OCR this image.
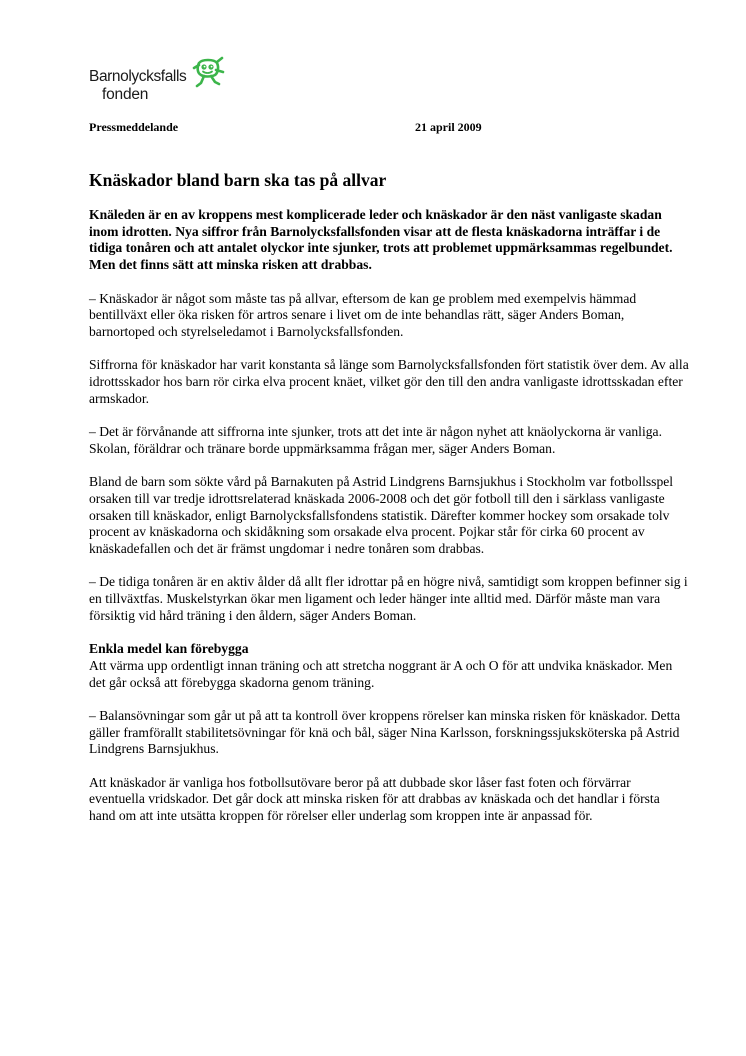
Barnolycksfalls
fonden
Pressmeddelande	21 april 2009
Knäskador bland barn ska tas på allvar

Knäleden är en av kroppens mest komplicerade leder och knäskador är den näst vanligaste skadan inom idrotten. Nya siffror från Barnolycksfallsfonden visar att de flesta knäskadorna inträffar i de tidiga tonåren och att antalet olyckor inte sjunker, trots att problemet uppmärksammas regelbundet. Men det finns sätt att minska risken att drabbas.

– Knäskador är något som måste tas på allvar, eftersom de kan ge problem med exempelvis hämmad bentillväxt eller öka risken för artros senare i livet om de inte behandlas rätt, säger Anders Boman, barnortoped och styrelseledamot i Barnolycksfallsfonden.

Siffrorna för knäskador har varit konstanta så länge som Barnolycksfallsfonden fört statistik över dem. Av alla idrottsskador hos barn rör cirka elva procent knäet, vilket gör den till den andra vanligaste idrottsskadan efter armskador.

– Det är förvånande att siffrorna inte sjunker, trots att det inte är någon nyhet att knäolyckorna är vanliga. Skolan, föräldrar och tränare borde uppmärksamma frågan mer, säger Anders Boman.

Bland de barn som sökte vård på Barnakuten på Astrid Lindgrens Barnsjukhus i Stockholm var fotbollsspel orsaken till var tredje idrottsrelaterad knäskada 2006-2008 och det gör fotboll till den i särklass vanligaste orsaken till knäskador, enligt Barnolycksfallsfondens statistik. Därefter kommer hockey som orsakade tolv procent av knäskadorna och skidåkning som orsakade elva procent. Pojkar står för cirka 60 procent av knäskadefallen och det är främst ungdomar i nedre tonåren som drabbas.

– De tidiga tonåren är en aktiv ålder då allt fler idrottar på en högre nivå, samtidigt som kroppen befinner sig i en tillväxtfas. Muskelstyrkan ökar men ligament och leder hänger inte alltid med. Därför måste man vara försiktig vid hård träning i den åldern, säger Anders Boman.

Enkla medel kan förebygga
Att värma upp ordentligt innan träning och att stretcha noggrant är A och O för att undvika knäskador. Men det går också att förebygga skadorna genom träning.

– Balansövningar som går ut på att ta kontroll över kroppens rörelser kan minska risken för knäskador. Detta gäller framförallt stabilitetsövningar för knä och bål, säger Nina Karlsson, forskningssjuksköterska på Astrid Lindgrens Barnsjukhus.

Att knäskador är vanliga hos fotbollsutövare beror på att dubbade skor låser fast foten och förvärrar eventuella vridskador. Det går dock att minska risken för att drabbas av knäskada och det handlar i första hand om att inte utsätta kroppen för rörelser eller underlag som kroppen inte är anpassad för.
